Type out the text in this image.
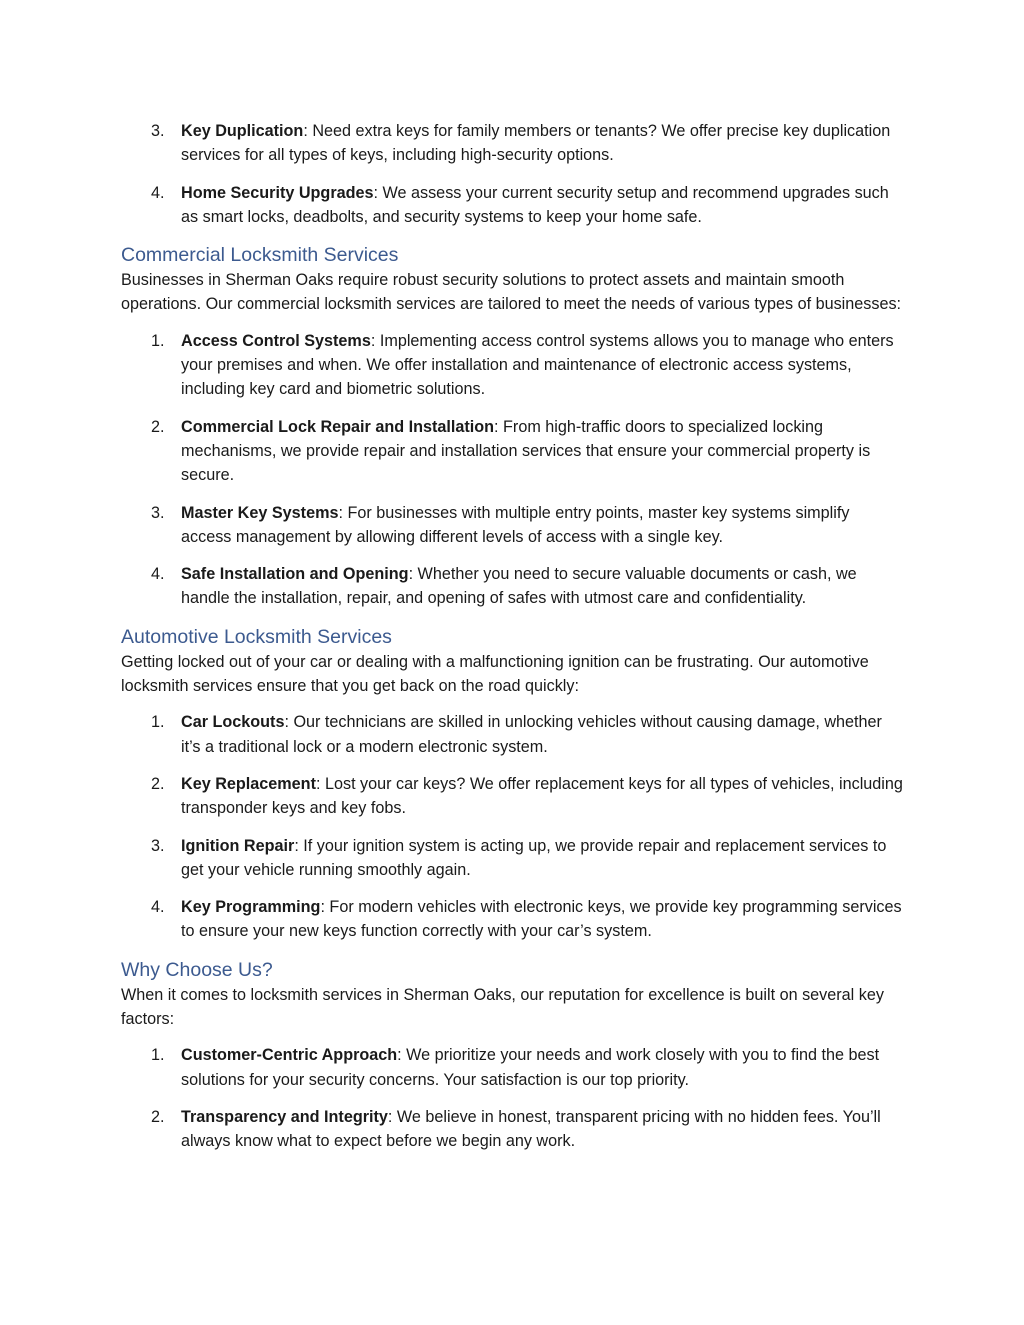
3. Key Duplication: Need extra keys for family members or tenants? We offer precise key duplication services for all types of keys, including high-security options.
4. Home Security Upgrades: We assess your current security setup and recommend upgrades such as smart locks, deadbolts, and security systems to keep your home safe.
Commercial Locksmith Services

Businesses in Sherman Oaks require robust security solutions to protect assets and maintain smooth operations. Our commercial locksmith services are tailored to meet the needs of various types of businesses:

1. Access Control Systems: Implementing access control systems allows you to manage who enters your premises and when. We offer installation and maintenance of electronic access systems, including key card and biometric solutions.
2. Commercial Lock Repair and Installation: From high-traffic doors to specialized locking mechanisms, we provide repair and installation services that ensure your commercial property is secure.
3. Master Key Systems: For businesses with multiple entry points, master key systems simplify access management by allowing different levels of access with a single key.
4. Safe Installation and Opening: Whether you need to secure valuable documents or cash, we handle the installation, repair, and opening of safes with utmost care and confidentiality.
Automotive Locksmith Services

Getting locked out of your car or dealing with a malfunctioning ignition can be frustrating. Our automotive locksmith services ensure that you get back on the road quickly:

1. Car Lockouts: Our technicians are skilled in unlocking vehicles without causing damage, whether it’s a traditional lock or a modern electronic system.
2. Key Replacement: Lost your car keys? We offer replacement keys for all types of vehicles, including transponder keys and key fobs.
3. Ignition Repair: If your ignition system is acting up, we provide repair and replacement services to get your vehicle running smoothly again.
4. Key Programming: For modern vehicles with electronic keys, we provide key programming services to ensure your new keys function correctly with your car’s system.
Why Choose Us?

When it comes to locksmith services in Sherman Oaks, our reputation for excellence is built on several key factors:

1. Customer-Centric Approach: We prioritize your needs and work closely with you to find the best solutions for your security concerns. Your satisfaction is our top priority.
2. Transparency and Integrity: We believe in honest, transparent pricing with no hidden fees. You’ll always know what to expect before we begin any work.
